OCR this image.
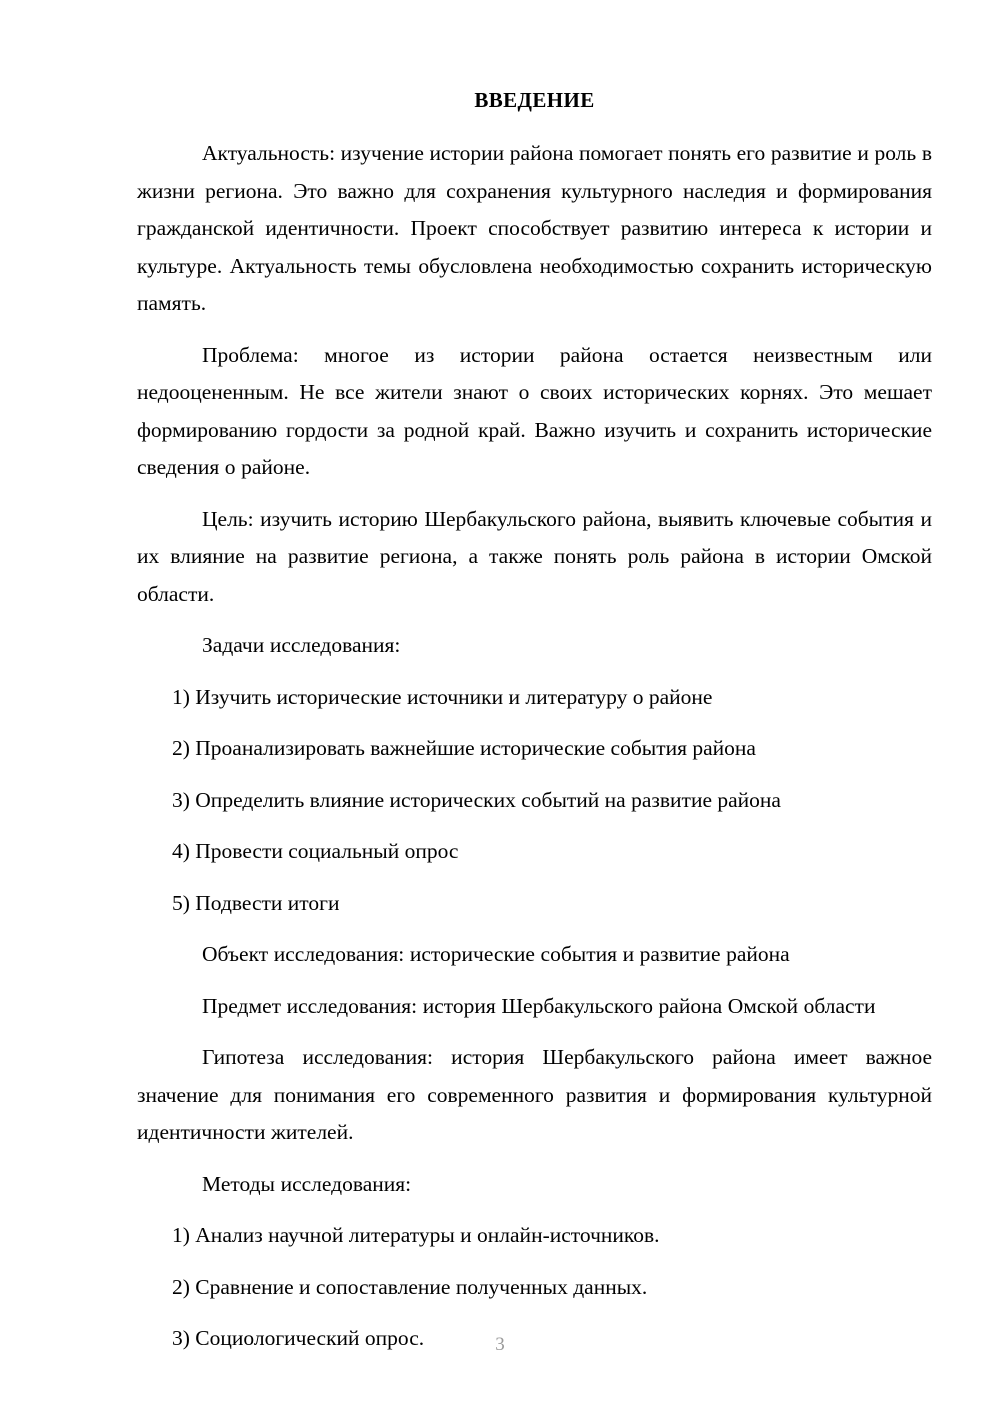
ВВЕДЕНИЕ

Актуальность: изучение истории района помогает понять его развитие и роль в жизни региона. Это важно для сохранения культурного наследия и формирования гражданской идентичности. Проект способствует развитию интереса к истории и культуре. Актуальность темы обусловлена необходимостью сохранить историческую память.

Проблема: многое из истории района остается неизвестным или недооцененным. Не все жители знают о своих исторических корнях. Это мешает формированию гордости за родной край. Важно изучить и сохранить исторические сведения о районе.

Цель: изучить историю Шербакульского района, выявить ключевые события и их влияние на развитие региона, а также понять роль района в истории Омской области.

Задачи исследования:

1) Изучить исторические источники и литературу о районе

2) Проанализировать важнейшие исторические события района

3) Определить влияние исторических событий на развитие района

4) Провести социальный опрос

5) Подвести итоги

Объект исследования: исторические события и развитие района

Предмет исследования: история Шербакульского района Омской области

Гипотеза исследования: история Шербакульского района имеет важное значение для понимания его современного развития и формирования культурной идентичности жителей.

Методы исследования:

1) Анализ научной литературы и онлайн-источников.

2) Сравнение и сопоставление полученных данных.

3) Социологический опрос.	3
